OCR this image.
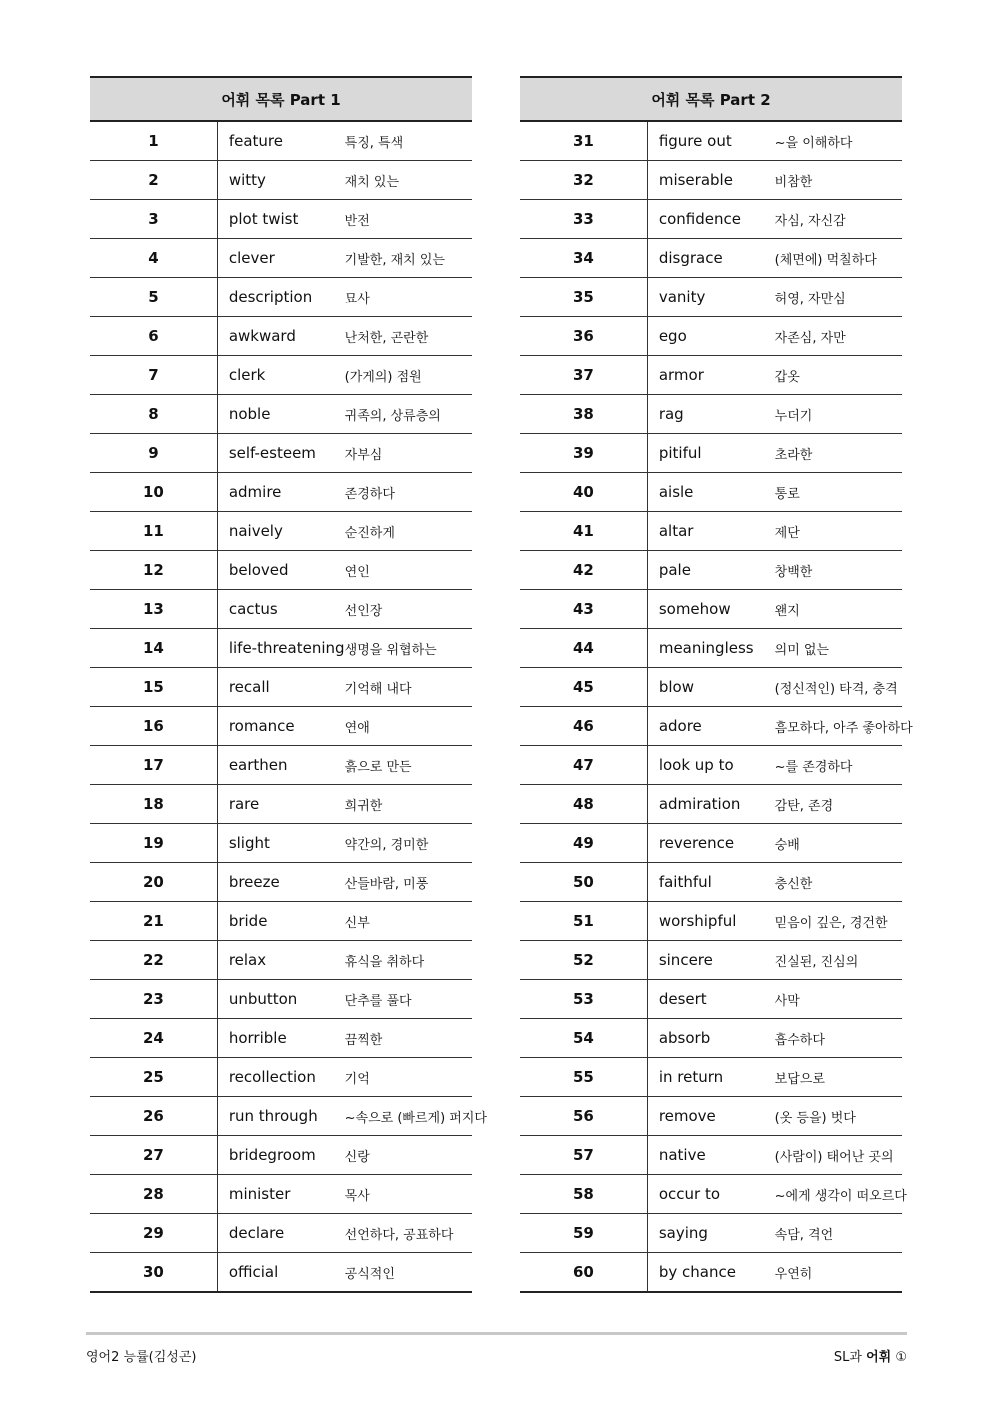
어휘 목록 Part 1		
1	feature	특징, 특색
2	witty	재치 있는
3	plot twist	반전
4	clever	기발한, 재치 있는
5	description	묘사
6	awkward	난처한, 곤란한
7	clerk	(가게의) 점원
8	noble	귀족의, 상류층의
9	self-esteem	자부심
10	admire	존경하다
11	naively	순진하게
12	beloved	연인
13	cactus	선인장
14	life-threatening	생명을 위협하는
15	recall	기억해 내다
16	romance	연애
17	earthen	흙으로 만든
18	rare	희귀한
19	slight	약간의, 경미한
20	breeze	산들바람, 미풍
21	bride	신부
22	relax	휴식을 취하다
23	unbutton	단추를 풀다
24	horrible	끔찍한
25	recollection	기억
26	run through	~속으로 (빠르게) 퍼지다
27	bridegroom	신랑
28	minister	목사
29	declare	선언하다, 공표하다
30	official	공식적인
어휘 목록 Part 2		
31	figure out	~을 이해하다
32	miserable	비참한
33	confidence	자심, 자신감
34	disgrace	(체면에) 먹칠하다
35	vanity	허영, 자만심
36	ego	자존심, 자만
37	armor	갑옷
38	rag	누더기
39	pitiful	초라한
40	aisle	통로
41	altar	제단
42	pale	창백한
43	somehow	왠지
44	meaningless	의미 없는
45	blow	(정신적인) 타격, 충격
46	adore	흠모하다, 아주 좋아하다
47	look up to	~를 존경하다
48	admiration	감탄, 존경
49	reverence	숭배
50	faithful	충신한
51	worshipful	믿음이 깊은, 경건한
52	sincere	진실된, 진심의
53	desert	사막
54	absorb	흡수하다
55	in return	보답으로
56	remove	(옷 등을) 벗다
57	native	(사람이) 태어난 곳의
58	occur to	~에게 생각이 떠오르다
59	saying	속담, 격언
60	by chance	우연히
영어2 능률(김성곤)	SL과 어휘 ①
